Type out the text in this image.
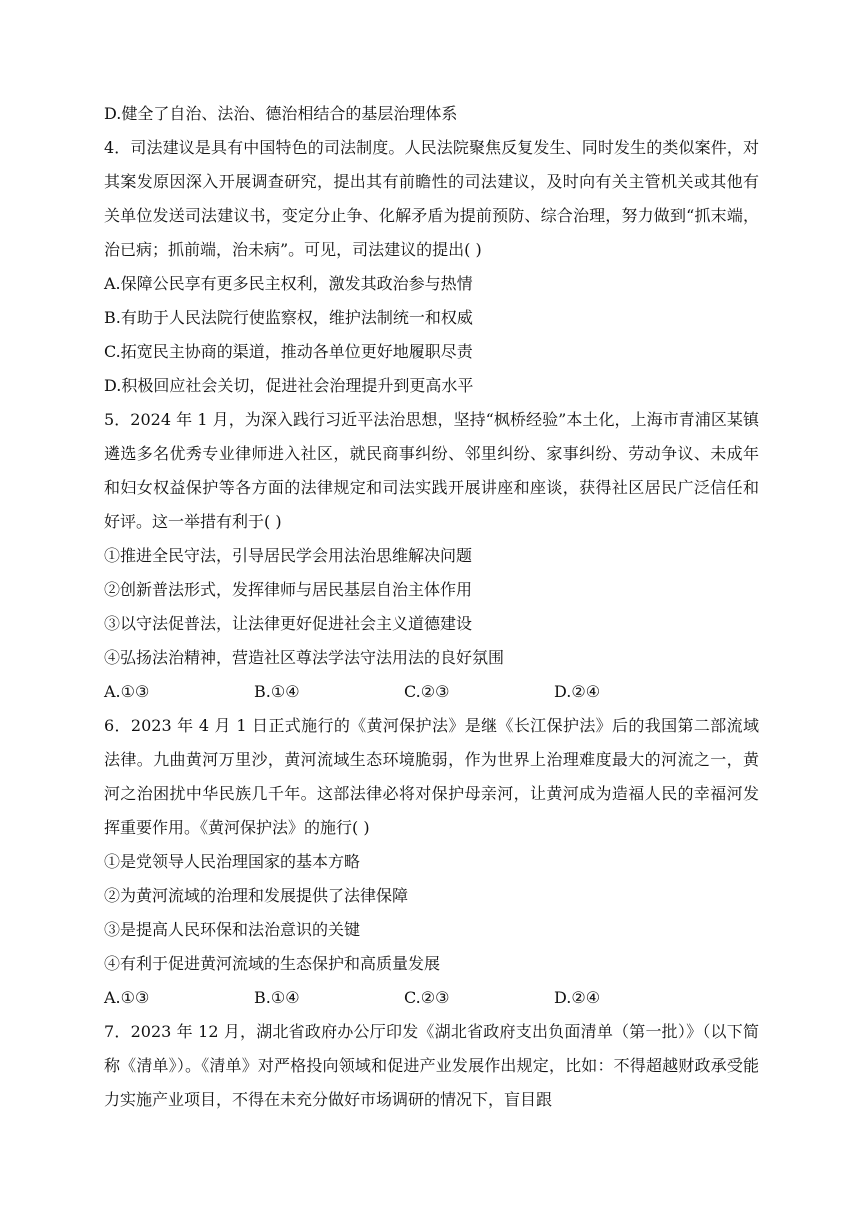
D.健全了自治、法治、德治相结合的基层治理体系
4．司法建议是具有中国特色的司法制度。人民法院聚焦反复发生、同时发生的类似案件，对其案发原因深入开展调查研究，提出其有前瞻性的司法建议，及时向有关主管机关或其他有关单位发送司法建议书，变定分止争、化解矛盾为提前预防、综合治理，努力做到“抓末端，治已病；抓前端，治未病”。可见，司法建议的提出( )
A.保障公民享有更多民主权利，激发其政治参与热情
B.有助于人民法院行使监察权，维护法制统一和权威
C.拓宽民主协商的渠道，推动各单位更好地履职尽责
D.积极回应社会关切，促进社会治理提升到更高水平
5．2024 年 1 月，为深入践行习近平法治思想，坚持“枫桥经验”本土化，上海市青浦区某镇遴选多名优秀专业律师进入社区，就民商事纠纷、邻里纠纷、家事纠纷、劳动争议、未成年和妇女权益保护等各方面的法律规定和司法实践开展讲座和座谈，获得社区居民广泛信任和好评。这一举措有利于( )
①推进全民守法，引导居民学会用法治思维解决问题
②创新普法形式，发挥律师与居民基层自治主体作用
③以守法促普法，让法律更好促进社会主义道德建设
④弘扬法治精神，营造社区尊法学法守法用法的良好氛围
A.①③	B.①④	C.②③	D.②④
6．2023 年 4 月 1 日正式施行的《黄河保护法》是继《长江保护法》后的我国第二部流域法律。九曲黄河万里沙，黄河流域生态环境脆弱，作为世界上治理难度最大的河流之一，黄河之治困扰中华民族几千年。这部法律必将对保护母亲河，让黄河成为造福人民的幸福河发挥重要作用。《黄河保护法》的施行( )
①是党领导人民治理国家的基本方略
②为黄河流域的治理和发展提供了法律保障
③是提高人民环保和法治意识的关键
④有利于促进黄河流域的生态保护和高质量发展
A.①③	B.①④	C.②③	D.②④
7．2023 年 12 月，湖北省政府办公厅印发《湖北省政府支出负面清单（第一批）》（以下简称《清单》）。《清单》对严格投向领域和促进产业发展作出规定，比如：不得超越财政承受能力实施产业项目，不得在未充分做好市场调研的情况下，盲目跟
